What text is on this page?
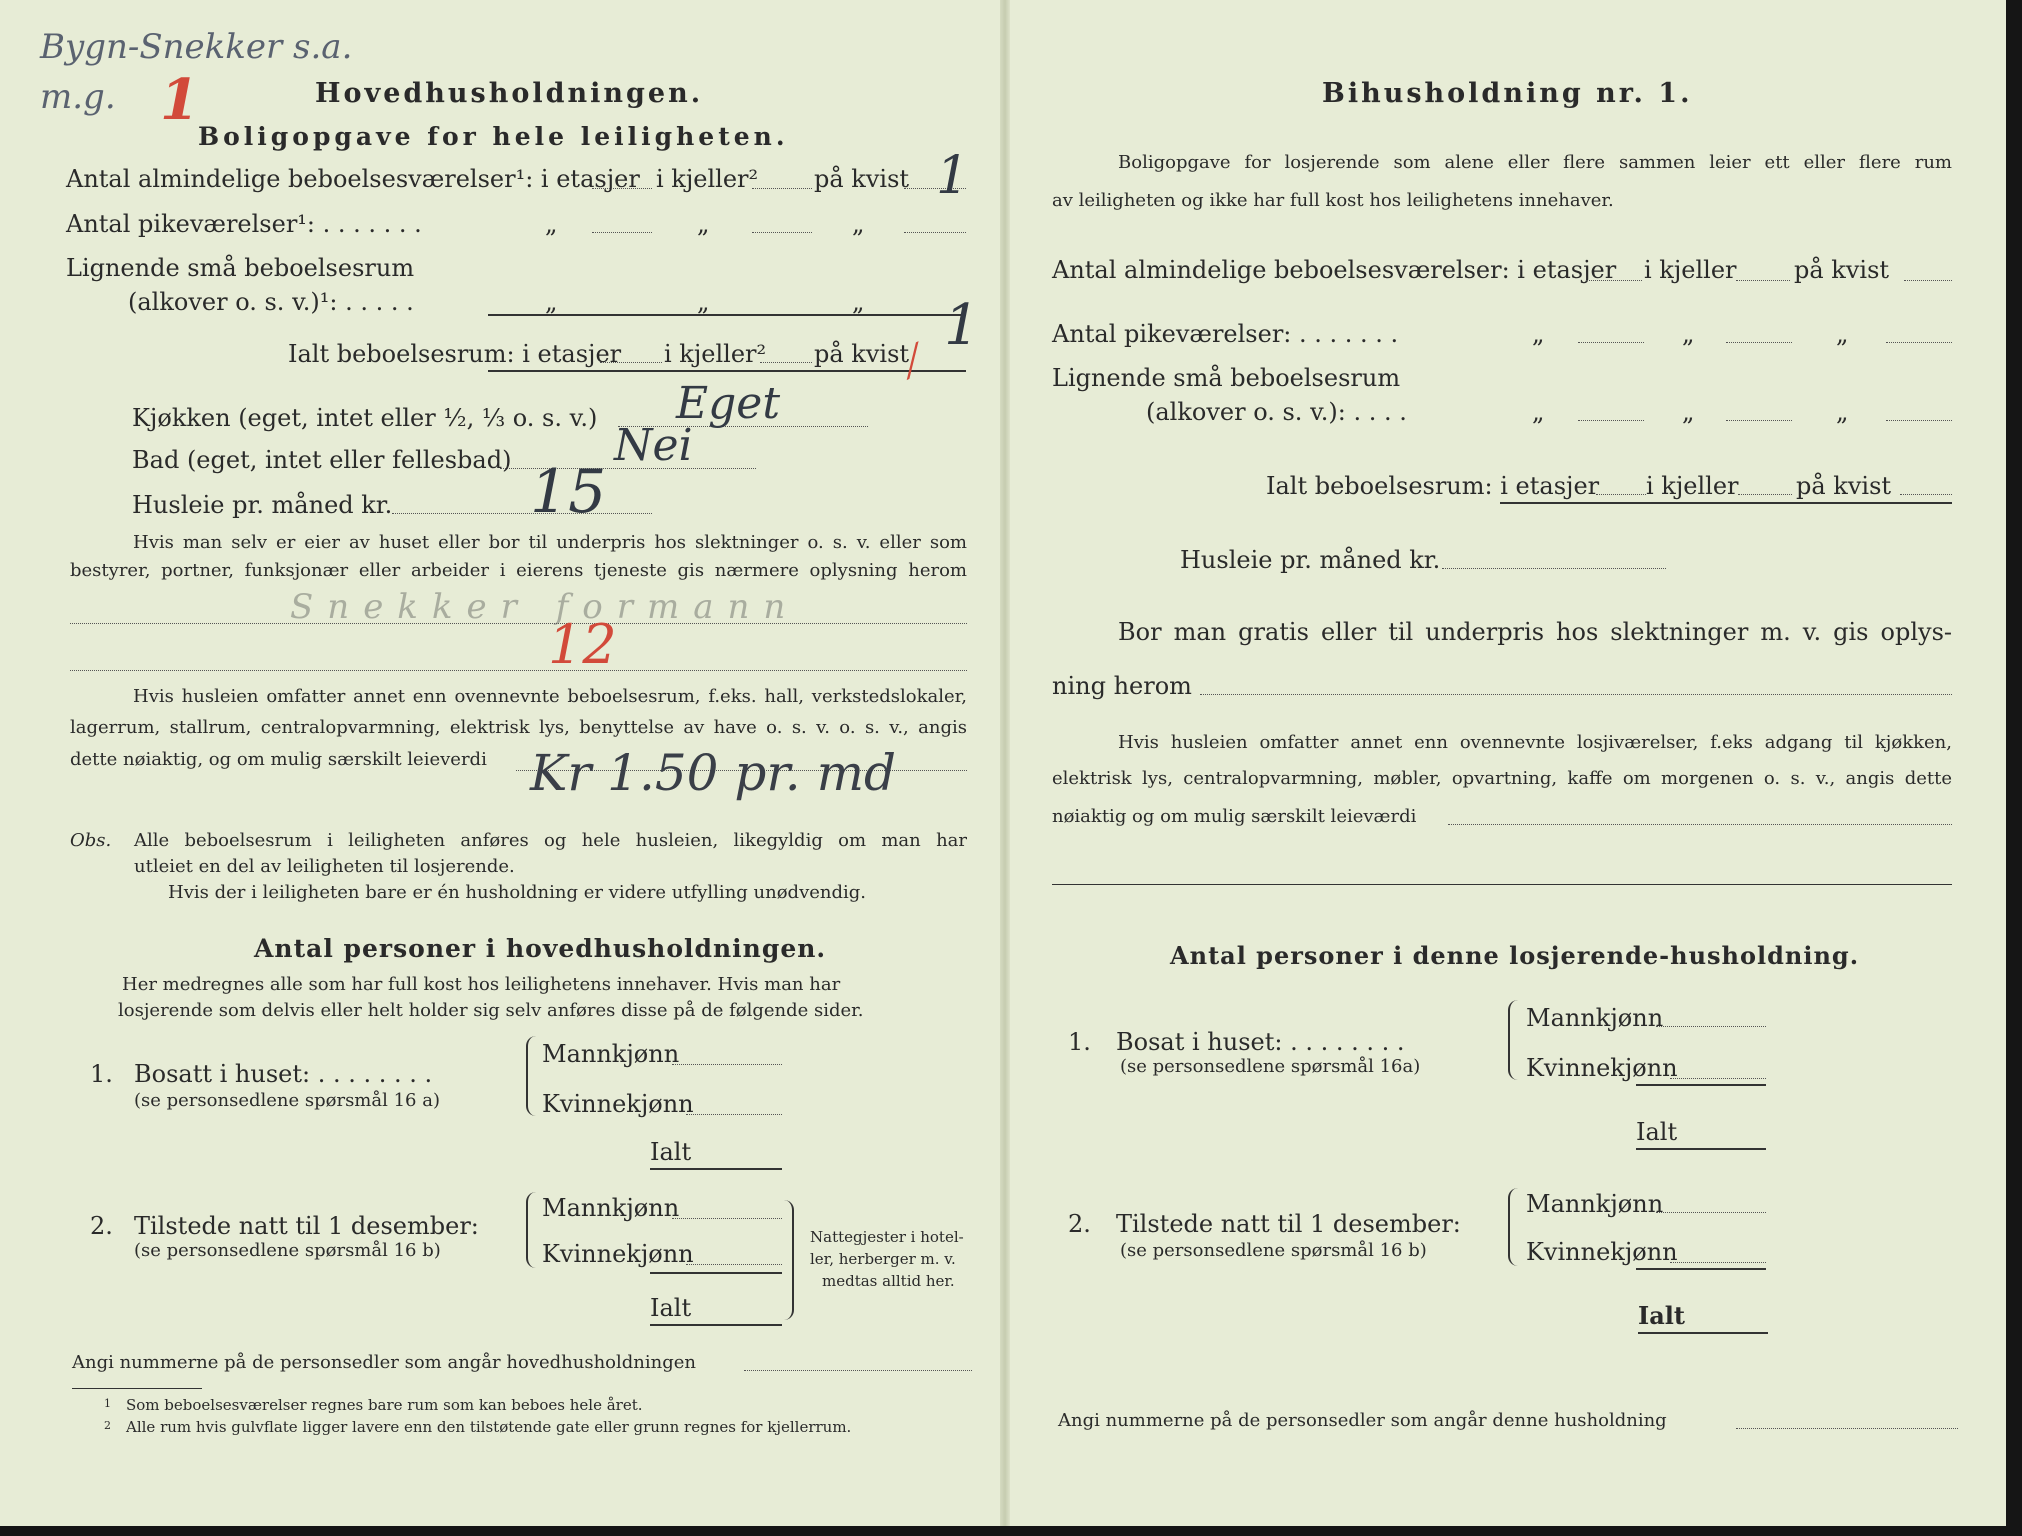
Bygn-Snekker s.a.
m.g. 1	Hovedhusholdningen.
Boligopgave for hele leiligheten.
Antal almindelige beboelsesværelser¹: i etasjer i kjeller² på kvist 1
Antal pikeværelser¹: . . . . . . .	„	„	„
Lignende små beboelsesrum
(alkover o. s. v.)¹: . . . . .	„	„	„
Ialt beboelsesrum: i etasjer i kjeller² på kvist 1
⁄
Kjøkken (eget, intet eller ½, ⅓ o. s. v.) Eget
Bad (eget, intet eller fellesbad) Nei
Husleie pr. måned kr. 15
Hvis man selv er eier av huset eller bor til underpris hos slektninger o. s. v. eller som
bestyrer, portner, funksjonær eller arbeider i eierens tjeneste gis nærmere oplysning herom
Snekker formann
12
Hvis husleien omfatter annet enn ovennevnte beboelsesrum, f.eks. hall, verkstedslokaler,
lagerrum, stallrum, centralopvarmning, elektrisk lys, benyttelse av have o. s. v. o. s. v., angis
dette nøiaktig, og om mulig særskilt leieverdi Kr 1.50 pr. md
Obs. Alle beboelsesrum i leiligheten anføres og hele husleien, likegyldig om man har
utleiet en del av leiligheten til losjerende.
Hvis der i leiligheten bare er én husholdning er videre utfylling unødvendig.
Antal personer i hovedhusholdningen.
Her medregnes alle som har full kost hos leilighetens innehaver. Hvis man har
losjerende som delvis eller helt holder sig selv anføres disse på de følgende sider.
1. Bosatt i huset: . . . . . . . .
(se personsedlene spørsmål 16 a)
Mannkjønn
Kvinnekjønn
Ialt
2. Tilstede natt til 1 desember:
(se personsedlene spørsmål 16 b)
Mannkjønn
Kvinnekjønn
Ialt
Nattegjester i hotel-
ler, herberger m. v.
medtas alltid her.
Angi nummerne på de personsedler som angår hovedhusholdningen
1 Som beboelsesværelser regnes bare rum som kan beboes hele året.
2 Alle rum hvis gulvflate ligger lavere enn den tilstøtende gate eller grunn regnes for kjellerrum.
Bihusholdning nr. 1.
Boligopgave for losjerende som alene eller flere sammen leier ett eller flere rum
av leiligheten og ikke har full kost hos leilighetens innehaver.
Antal almindelige beboelsesværelser: i etasjer i kjeller på kvist
Antal pikeværelser: . . . . . . .	„	„	„
Lignende små beboelsesrum
(alkover o. s. v.): . . . .	„	„	„
Ialt beboelsesrum: i etasjer i kjeller på kvist
Husleie pr. måned kr.
Bor man gratis eller til underpris hos slektninger m. v. gis oplys-
ning herom
Hvis husleien omfatter annet enn ovennevnte losjiværelser, f.eks adgang til kjøkken,
elektrisk lys, centralopvarmning, møbler, opvartning, kaffe om morgenen o. s. v., angis dette
nøiaktig og om mulig særskilt leieværdi
Antal personer i denne losjerende-husholdning.
1. Bosat i huset: . . . . . . . .
(se personsedlene spørsmål 16a)
Mannkjønn
Kvinnekjønn
Ialt
2. Tilstede natt til 1 desember:
(se personsedlene spørsmål 16 b)
Mannkjønn
Kvinnekjønn
Ialt
Angi nummerne på de personsedler som angår denne husholdning
